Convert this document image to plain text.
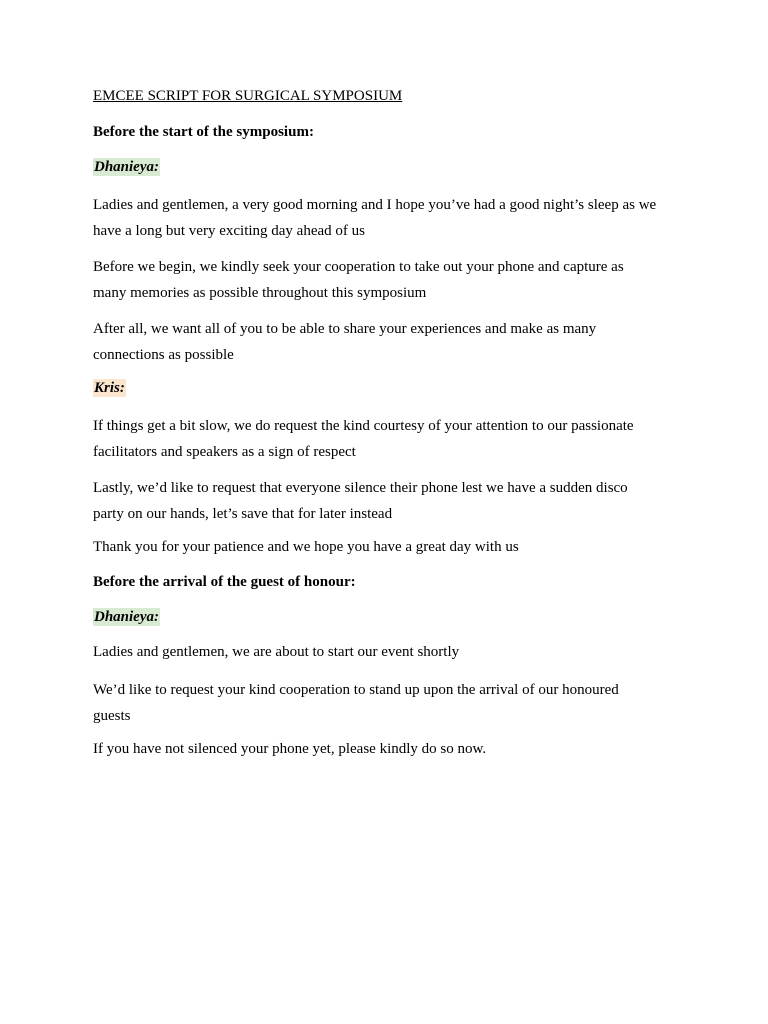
EMCEE SCRIPT FOR SURGICAL SYMPOSIUM
Before the start of the symposium:
Dhanieya:
Ladies and gentlemen, a very good morning and I hope you’ve had a good night’s sleep as we have a long but very exciting day ahead of us
Before we begin, we kindly seek your cooperation to take out your phone and capture as many memories as possible throughout this symposium
After all, we want all of you to be able to share your experiences and make as many connections as possible
Kris:
If things get a bit slow, we do request the kind courtesy of your attention to our passionate facilitators and speakers as a sign of respect
Lastly, we’d like to request that everyone silence their phone lest we have a sudden disco party on our hands, let’s save that for later instead
Thank you for your patience and we hope you have a great day with us
Before the arrival of the guest of honour:
Dhanieya:
Ladies and gentlemen, we are about to start our event shortly
We’d like to request your kind cooperation to stand up upon the arrival of our honoured guests
If you have not silenced your phone yet, please kindly do so now.
